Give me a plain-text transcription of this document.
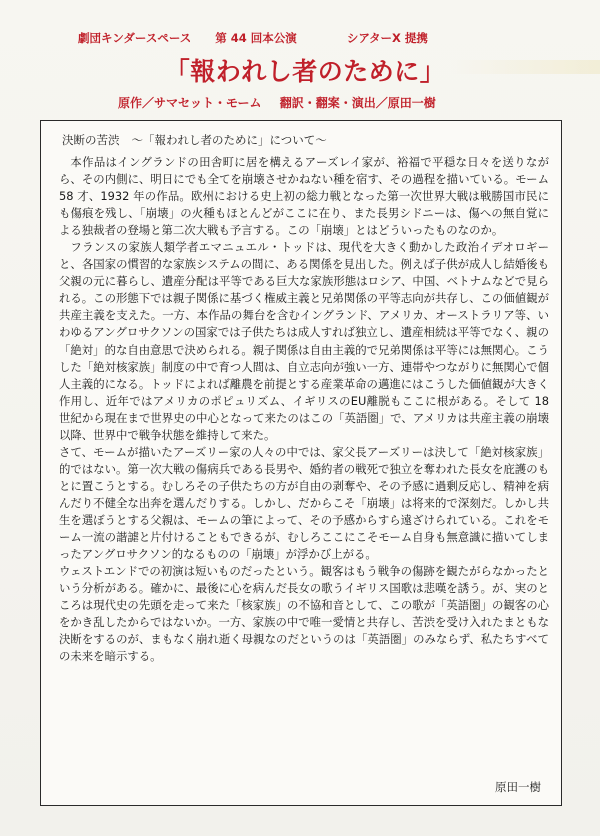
劇団キンダースペース 第 44 回本公演	シアターX 提携
「報われし者のために」
原作／サマセット・モーム 翻訳・翻案・演出／原田一樹
決断の苦渋 ～「報われし者のために」について～

本作品はイングランドの田舎町に居を構えるアーズレイ家が、裕福で平穏な日々を送りながら、その内側に、明日にでも全てを崩壊させかねない種を宿す、その過程を描いている。モーム 58 才、1932 年の作品。欧州における史上初の総力戦となった第一次世界大戦は戦勝国市民にも傷痕を残し、「崩壊」の火種もほとんどがここに在り、また長男シドニーは、傷への無自覚による独裁者の登場と第二次大戦も予言する。この「崩壊」とはどういったものなのか。

フランスの家族人類学者エマニュエル・トッドは、現代を大きく動かした政治イデオロギーと、各国家の慣習的な家族システムの間に、ある関係を見出した。例えば子供が成人し結婚後も父親の元に暮らし、遺産分配は平等である巨大な家族形態はロシア、中国、ベトナムなどで見られる。この形態下では親子関係に基づく権威主義と兄弟関係の平等志向が共存し、この価値観が共産主義を支えた。一方、本作品の舞台を含むイングランド、アメリカ、オーストラリア等、いわゆるアングロサクソンの国家では子供たちは成人すれば独立し、遺産相続は平等でなく、親の「絶対」的な自由意思で決められる。親子関係は自由主義的で兄弟関係は平等には無関心。こうした「絶対核家族」制度の中で育つ人間は、自立志向が強い一方、連帯やつながりに無関心で個人主義的になる。トッドによれば離農を前提とする産業革命の邁進にはこうした価値観が大きく作用し、近年ではアメリカのポピュリズム、イギリスのEU離脱もここに根がある。そして 18 世紀から現在まで世界史の中心となって来たのはこの「英語圏」で、アメリカは共産主義の崩壊以降、世界中で戦争状態を維持して来た。

さて、モームが描いたアーズリー家の人々の中では、家父長アーズリーは決して「絶対核家族」的ではない。第一次大戦の傷病兵である長男や、婚約者の戦死で独立を奪われた長女を庇護のもとに置こうとする。むしろその子供たちの方が自由の剥奪や、その予感に過剰反応し、精神を病んだり不健全な出奔を選んだりする。しかし、だからこそ「崩壊」は将来的で深刻だ。しかし共生を選ぼうとする父親は、モームの筆によって、その予感からすら遠ざけられている。これをモーム一流の諧謔と片付けることもできるが、むしろここにこそモーム自身も無意識に描いてしまったアングロサクソン的なるものの「崩壊」が浮かび上がる。

ウェストエンドでの初演は短いものだったという。観客はもう戦争の傷跡を観たがらなかったという分析がある。確かに、最後に心を病んだ長女の歌うイギリス国歌は悲嘆を誘う。が、実のところは現代史の先頭を走って来た「核家族」の不協和音として、この歌が「英語圏」の観客の心をかき乱したからではないか。一方、家族の中で唯一愛情と共存し、苦渋を受け入れたまともな決断をするのが、まもなく崩れ逝く母親なのだというのは「英語圏」のみならず、私たちすべての未来を暗示する。

原田一樹
